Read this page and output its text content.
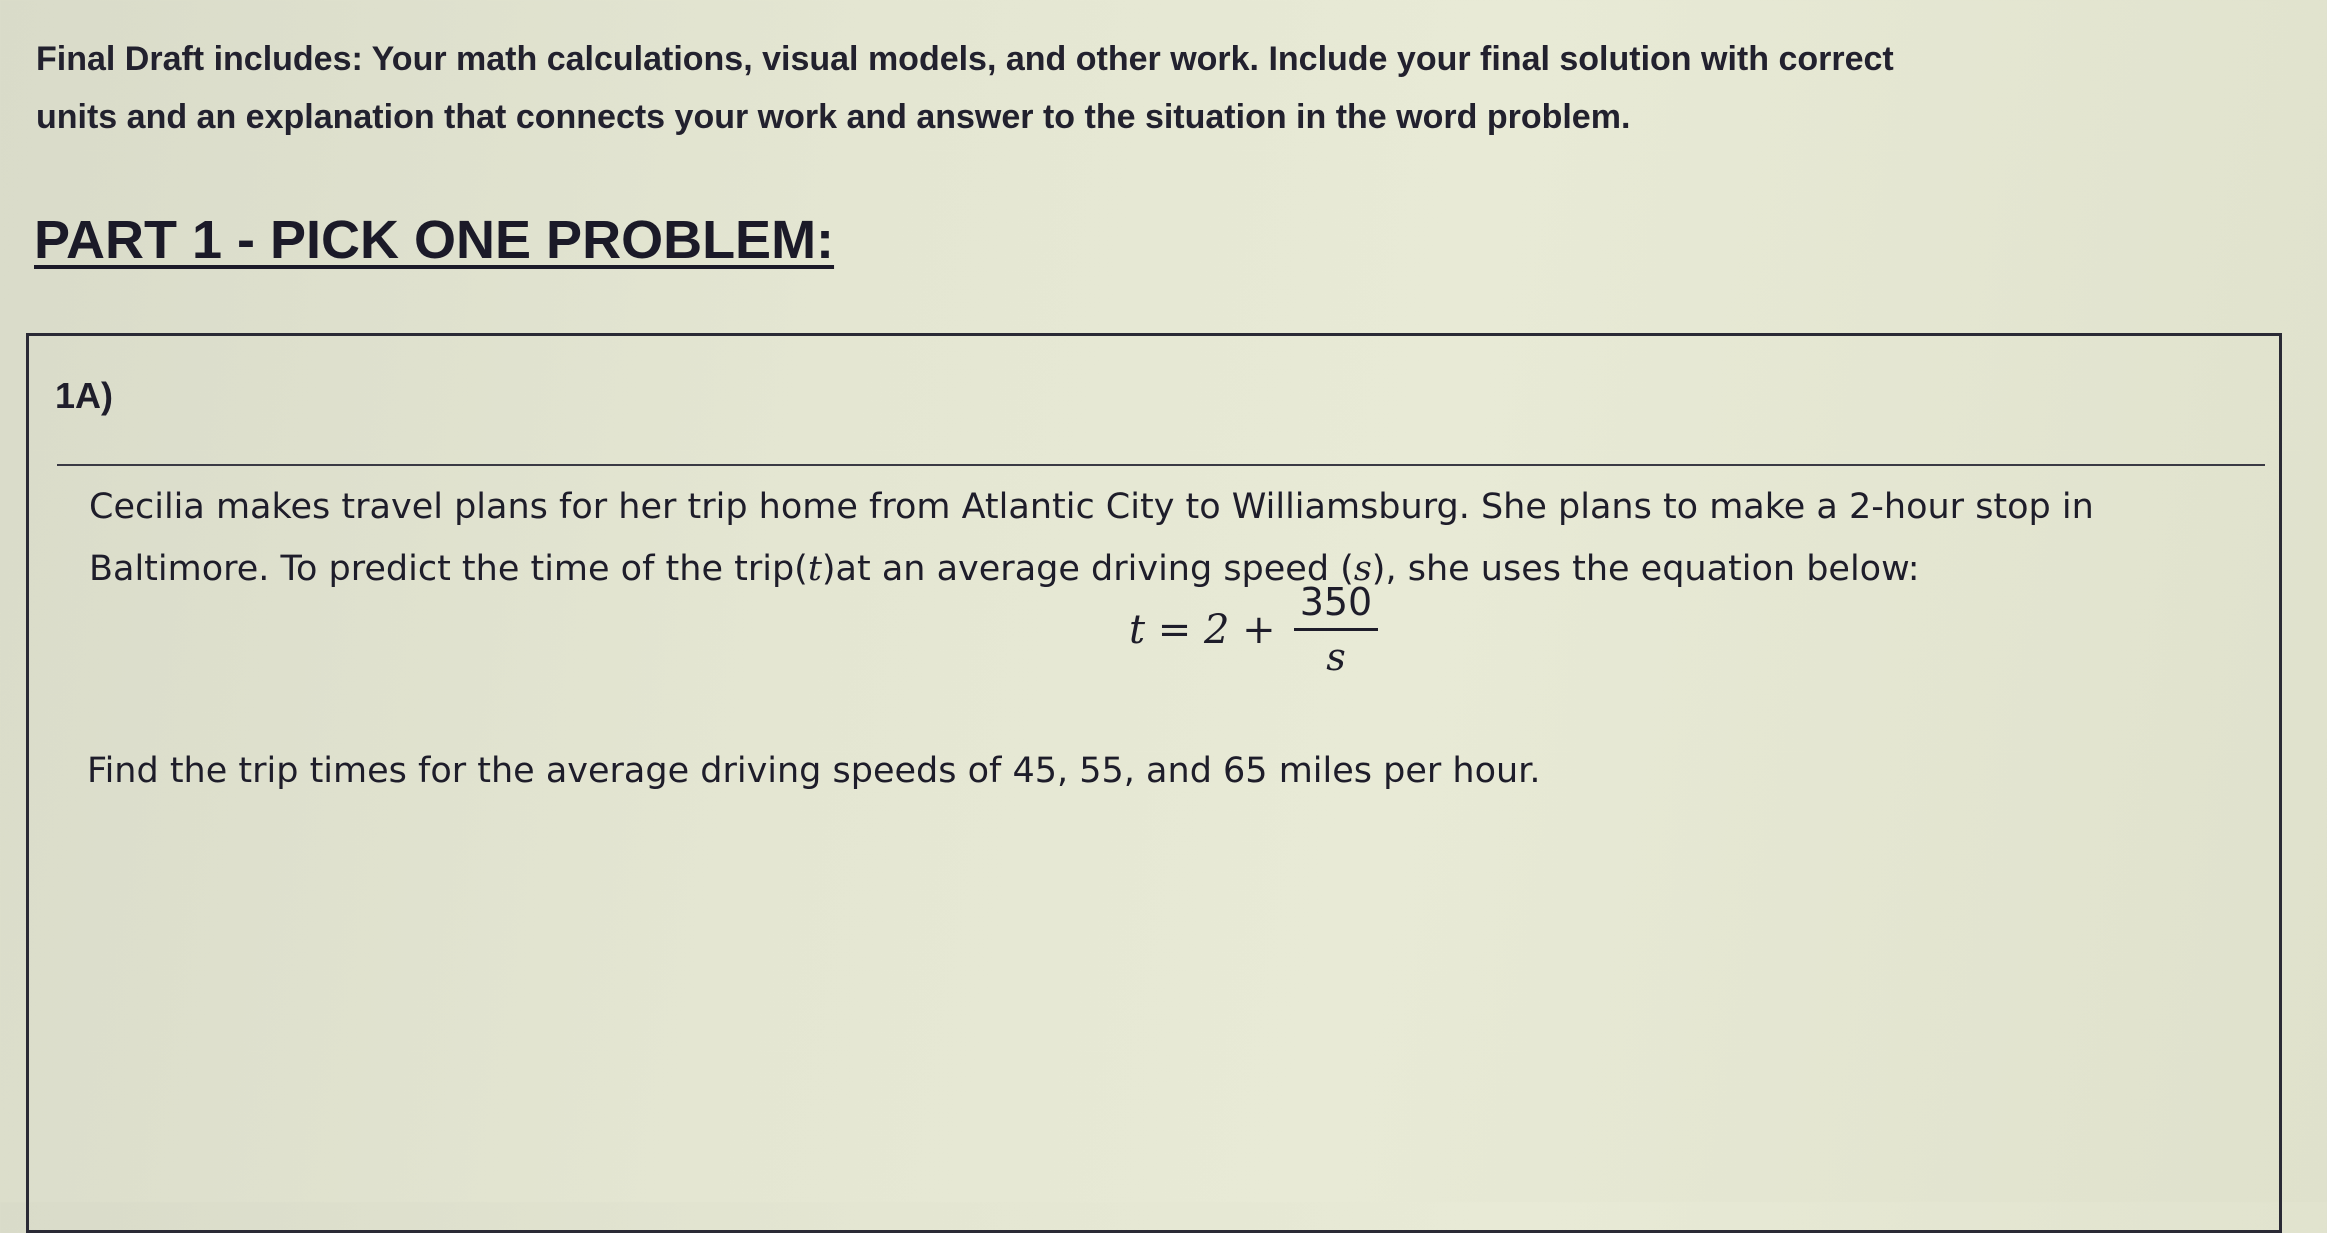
Final Draft includes: Your math calculations, visual models, and other work. Include your final solution with correct
units and an explanation that connects your work and answer to the situation in the word problem.

PART 1 - PICK ONE PROBLEM:

1A)

Cecilia makes travel plans for her trip home from Atlantic City to Williamsburg. She plans to make a 2-hour stop in
Baltimore. To predict the time of the trip(t)at an average driving speed (s), she uses the equation below:

$t = 2 + \frac{350}{s}$

Find the trip times for the average driving speeds of 45, 55, and 65 miles per hour.
